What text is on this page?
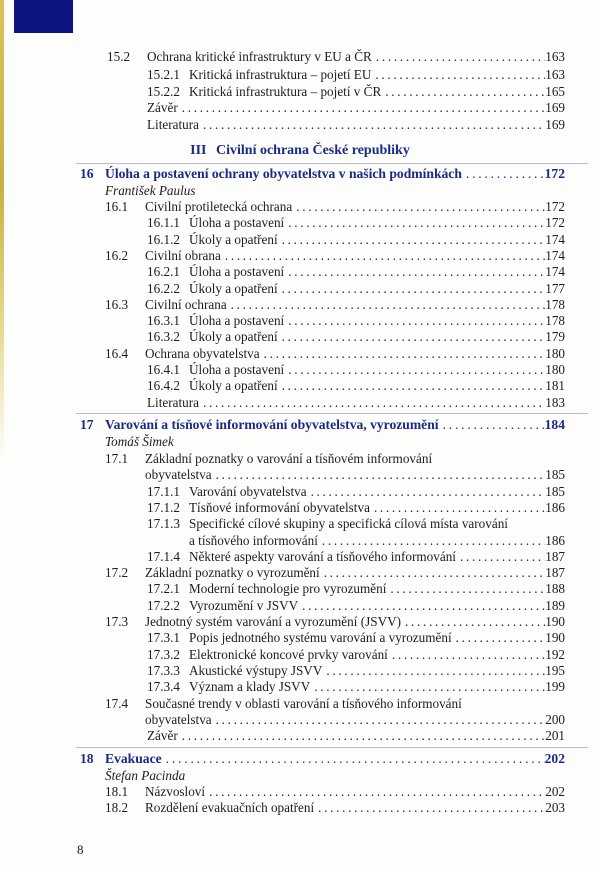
15.2 Ochrana kritické infrastruktury v EU a ČR . . .	163
15.2.1 Kritická infrastruktura – pojetí EU . . .	163
15.2.2 Kritická infrastruktura – pojetí v ČR . . .	165
Závěr . . .	169
Literatura . . .	169
III Civilní ochrana České republiky
16 Úloha a postavení ochrany obyvatelstva v našich podmínkách . . .	172
František Paulus
16.1 Civilní protiletecká ochrana . . .	172
16.1.1 Úloha a postavení . . .	172
16.1.2 Úkoly a opatření . . .	174
16.2 Civilní obrana . . .	174
16.2.1 Úloha a postavení . . .	174
16.2.2 Úkoly a opatření . . .	177
16.3 Civilní ochrana . . .	178
16.3.1 Úloha a postavení . . .	178
16.3.2 Úkoly a opatření . . .	179
16.4 Ochrana obyvatelstva . . .	180
16.4.1 Úloha a postavení . . .	180
16.4.2 Úkoly a opatření . . .	181
Literatura . . .	183
17 Varování a tísňové informování obyvatelstva, vyrozumění . . .	184
Tomáš Šimek
17.1 Základní poznatky o varování a tísňovém informování
obyvatelstva . . .	185
17.1.1 Varování obyvatelstva . . .	185
17.1.2 Tísňové informování obyvatelstva . . .	186
17.1.3 Specifické cílové skupiny a specifická cílová místa varování
a tísňového informování . . .	186
17.1.4 Některé aspekty varování a tísňového informování . . .	187
17.2 Základní poznatky o vyrozumění . . .	187
17.2.1 Moderní technologie pro vyrozumění . . .	188
17.2.2 Vyrozumění v JSVV . . .	189
17.3 Jednotný systém varování a vyrozumění (JSVV) . . .	190
17.3.1 Popis jednotného systému varování a vyrozumění . . .	190
17.3.2 Elektronické koncové prvky varování . . .	192
17.3.3 Akustické výstupy JSVV . . .	195
17.3.4 Význam a klady JSVV . . .	199
17.4 Současné trendy v oblasti varování a tísňového informování
obyvatelstva . . .	200
Závěr . . .	201
18 Evakuace . . .	202
Štefan Pacinda
18.1 Názvosloví . . .	202
18.2 Rozdělení evakuačních opatření . . .	203
8
